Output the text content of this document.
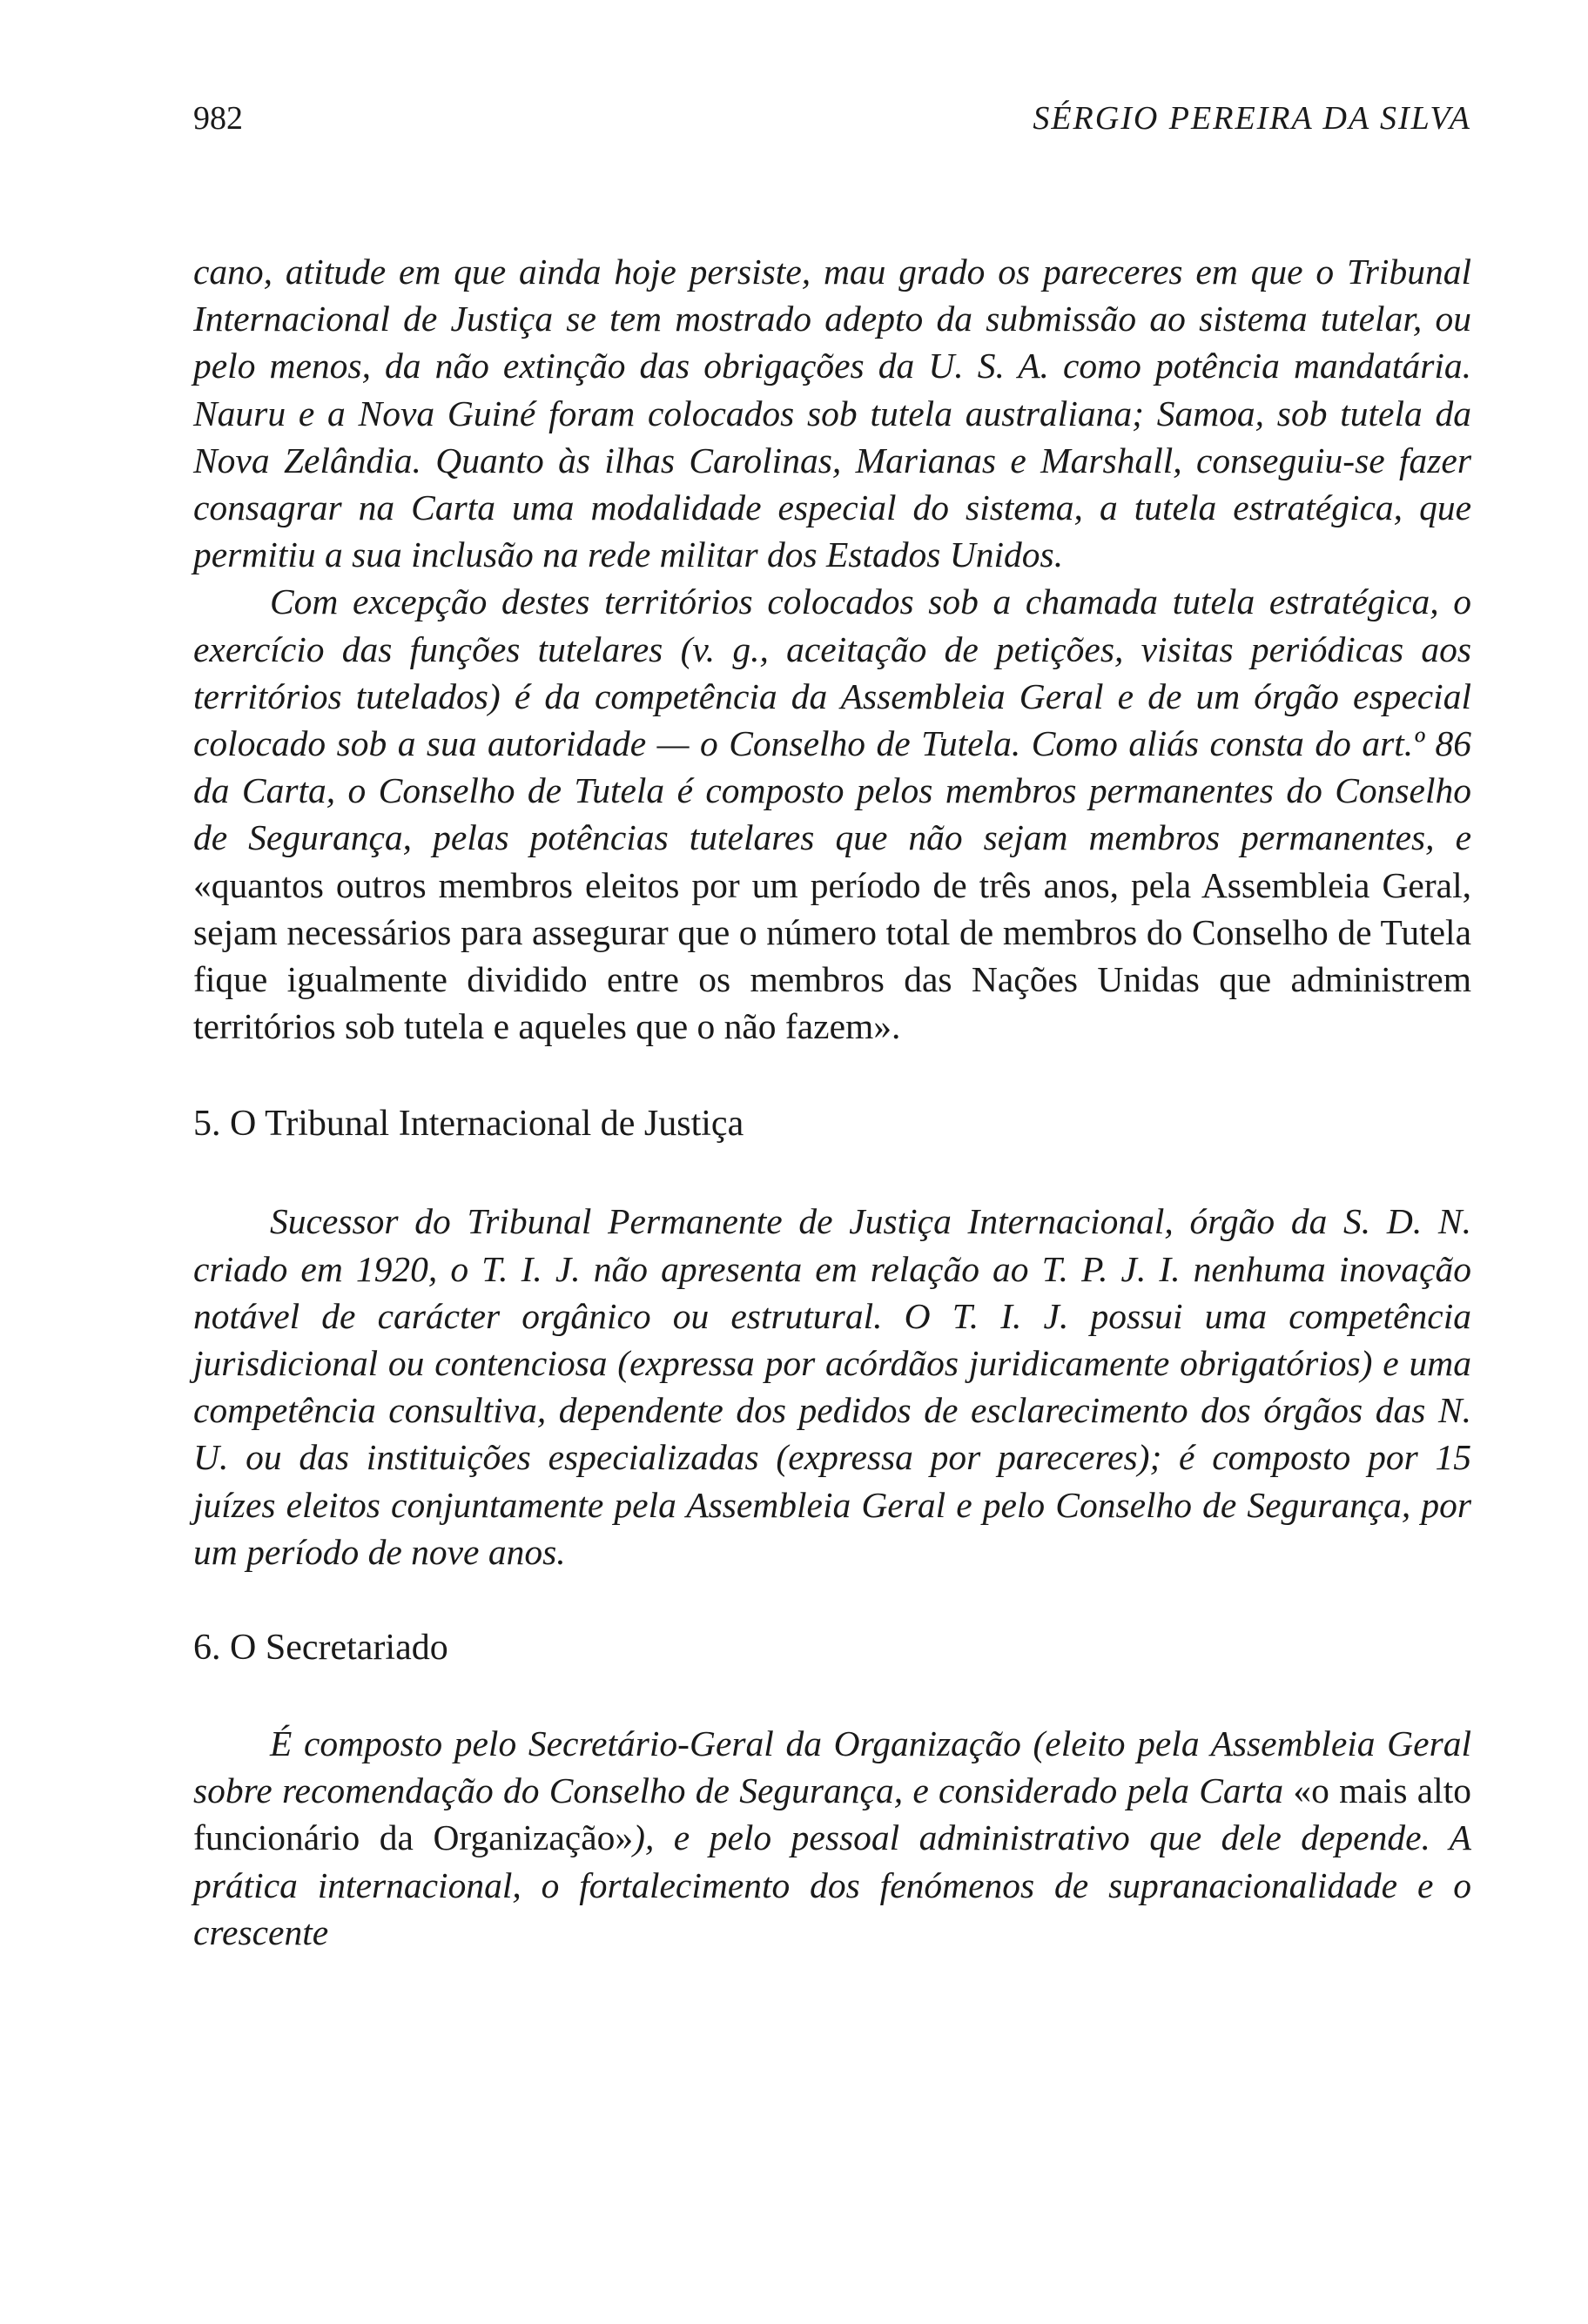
982	SÉRGIO PEREIRA DA SILVA

cano, atitude em que ainda hoje persiste, mau grado os pareceres em que o Tribunal Internacional de Justiça se tem mostrado adepto da submissão ao sistema tutelar, ou pelo menos, da não extinção das obrigações da U. S. A. como potência mandatária. Nauru e a Nova Guiné foram colocados sob tutela australiana; Samoa, sob tutela da Nova Zelândia. Quanto às ilhas Carolinas, Marianas e Marshall, conseguiu-se fazer consagrar na Carta uma modalidade especial do sistema, a tutela estratégica, que permitiu a sua inclusão na rede militar dos Estados Unidos.

Com excepção destes territórios colocados sob a chamada tutela estratégica, o exercício das funções tutelares (v. g., aceitação de petições, visitas periódicas aos territórios tutelados) é da competência da Assembleia Geral e de um órgão especial colocado sob a sua autoridade — o Conselho de Tutela. Como aliás consta do art.º 86 da Carta, o Conselho de Tutela é composto pelos membros permanentes do Conselho de Segurança, pelas potências tutelares que não sejam membros permanentes, e «quantos outros membros eleitos por um período de três anos, pela Assembleia Geral, sejam necessários para assegurar que o número total de membros do Conselho de Tutela fique igualmente dividido entre os membros das Nações Unidas que administrem territórios sob tutela e aqueles que o não fazem».

5. O Tribunal Internacional de Justiça

Sucessor do Tribunal Permanente de Justiça Internacional, órgão da S. D. N. criado em 1920, o T. I. J. não apresenta em relação ao T. P. J. I. nenhuma inovação notável de carácter orgânico ou estrutural. O T. I. J. possui uma competência jurisdicional ou contenciosa (expressa por acórdãos juridicamente obrigatórios) e uma competência consultiva, dependente dos pedidos de esclarecimento dos órgãos das N. U. ou das instituições especializadas (expressa por pareceres); é composto por 15 juízes eleitos conjuntamente pela Assembleia Geral e pelo Conselho de Segurança, por um período de nove anos.

6. O Secretariado

É composto pelo Secretário-Geral da Organização (eleito pela Assembleia Geral sobre recomendação do Conselho de Segurança, e considerado pela Carta «o mais alto funcionário da Organização»), e pelo pessoal administrativo que dele depende. A prática internacional, o fortalecimento dos fenómenos de supranacionalidade e o crescente
